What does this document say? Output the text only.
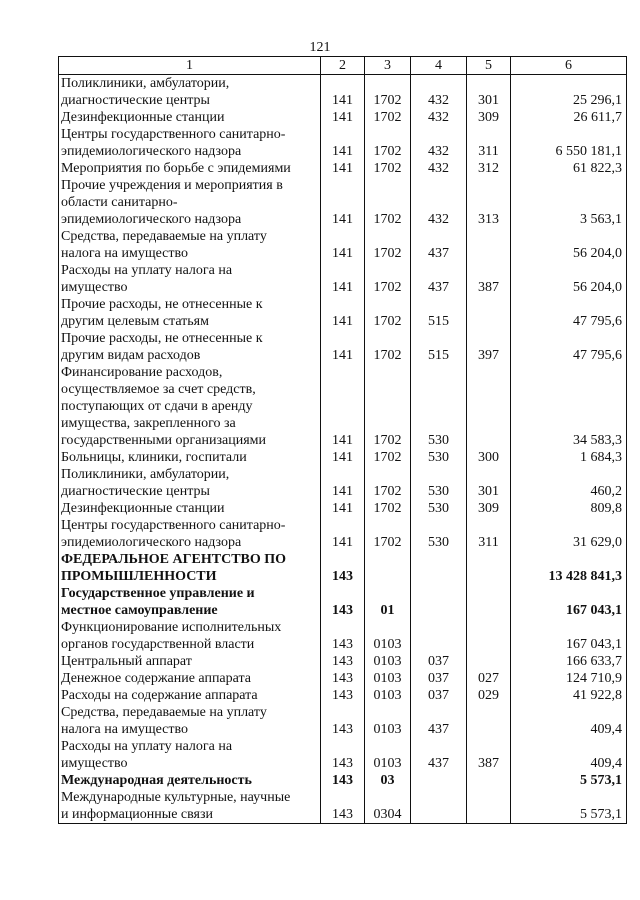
121
1	2	3	4	5	6

Поликлиники, амбулатории,
диагностические центры	141	1702	432	301	25 296,1

Дезинфекционные станции	141	1702	432	309	26 611,7

Центры государственного санитарно-
эпидемиологического надзора	141	1702	432	311	6 550 181,1

Мероприятия по борьбе с эпидемиями	141	1702	432	312	61 822,3

Прочие учреждения и мероприятия в
области санитарно-
эпидемиологического надзора	141	1702	432	313	3 563,1

Средства, передаваемые на уплату
налога на имущество	141	1702	437		56 204,0

Расходы на уплату налога на
имущество	141	1702	437	387	56 204,0

Прочие расходы, не отнесенные к
другим целевым статьям	141	1702	515		47 795,6

Прочие расходы, не отнесенные к
другим видам расходов	141	1702	515	397	47 795,6

Финансирование расходов,
осуществляемое за счет средств,
поступающих от сдачи в аренду
имущества, закрепленного за
государственными организациями	141	1702	530		34 583,3

Больницы, клиники, госпитали	141	1702	530	300	1 684,3

Поликлиники, амбулатории,
диагностические центры	141	1702	530	301	460,2

Дезинфекционные станции	141	1702	530	309	809,8

Центры государственного санитарно-
эпидемиологического надзора	141	1702	530	311	31 629,0

ФЕДЕРАЛЬНОЕ АГЕНТСТВО ПО
ПРОМЫШЛЕННОСТИ	143				13 428 841,3

Государственное управление и
местное самоуправление	143	01			167 043,1

Функционирование исполнительных
органов государственной власти	143	0103			167 043,1

Центральный аппарат	143	0103	037		166 633,7

Денежное содержание аппарата	143	0103	037	027	124 710,9

Расходы на содержание аппарата	143	0103	037	029	41 922,8

Средства, передаваемые на уплату
налога на имущество	143	0103	437		409,4

Расходы на уплату налога на
имущество	143	0103	437	387	409,4

Международная деятельность	143	03			5 573,1

Международные культурные, научные
и информационные связи	143	0304			5 573,1
